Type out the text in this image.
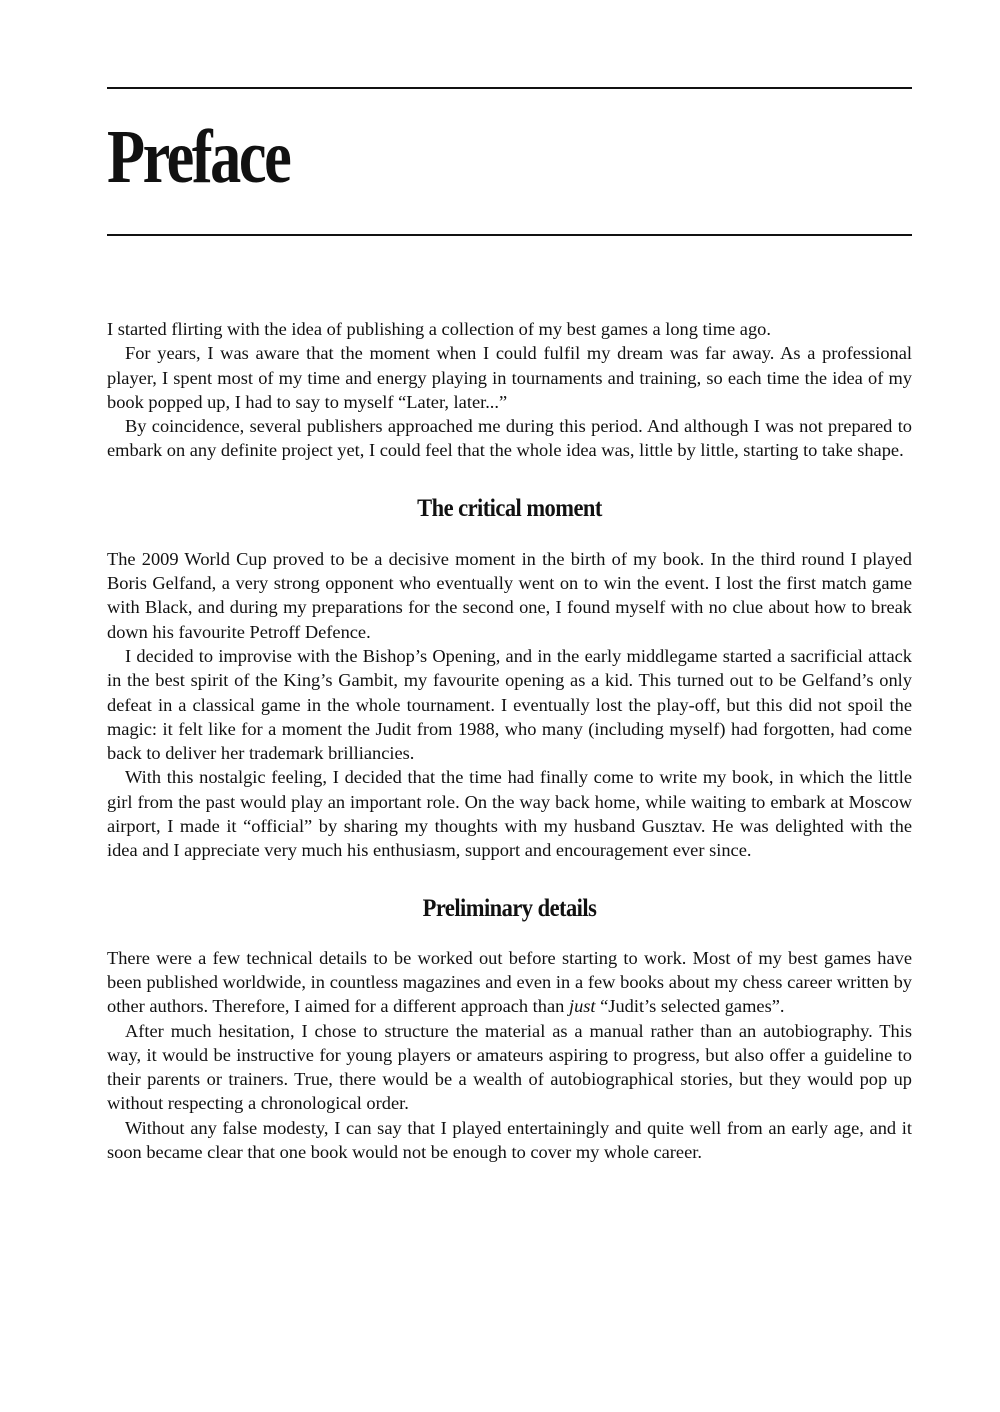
Preface

I started flirting with the idea of publishing a collection of my best games a long time ago.

For years, I was aware that the moment when I could fulfil my dream was far away. As a professional player, I spent most of my time and energy playing in tournaments and training, so each time the idea of my book popped up, I had to say to myself “Later, later...”

By coincidence, several publishers approached me during this period. And although I was not prepared to embark on any definite project yet, I could feel that the whole idea was, little by little, starting to take shape.

The critical moment

The 2009 World Cup proved to be a decisive moment in the birth of my book. In the third round I played Boris Gelfand, a very strong opponent who eventually went on to win the event. I lost the first match game with Black, and during my preparations for the second one, I found myself with no clue about how to break down his favourite Petroff Defence.

I decided to improvise with the Bishop’s Opening, and in the early middlegame started a sacrificial attack in the best spirit of the King’s Gambit, my favourite opening as a kid. This turned out to be Gelfand’s only defeat in a classical game in the whole tournament. I eventually lost the play-off, but this did not spoil the magic: it felt like for a moment the Judit from 1988, who many (including myself) had forgotten, had come back to deliver her trademark brilliancies.

With this nostalgic feeling, I decided that the time had finally come to write my book, in which the little girl from the past would play an important role. On the way back home, while waiting to embark at Moscow airport, I made it “official” by sharing my thoughts with my husband Gusztav. He was delighted with the idea and I appreciate very much his enthusiasm, support and encouragement ever since.

Preliminary details

There were a few technical details to be worked out before starting to work. Most of my best games have been published worldwide, in countless magazines and even in a few books about my chess career written by other authors. Therefore, I aimed for a different approach than just “Judit’s selected games”.

After much hesitation, I chose to structure the material as a manual rather than an autobiography. This way, it would be instructive for young players or amateurs aspiring to progress, but also offer a guideline to their parents or trainers. True, there would be a wealth of autobiographical stories, but they would pop up without respecting a chronological order.

Without any false modesty, I can say that I played entertainingly and quite well from an early age, and it soon became clear that one book would not be enough to cover my whole career.
